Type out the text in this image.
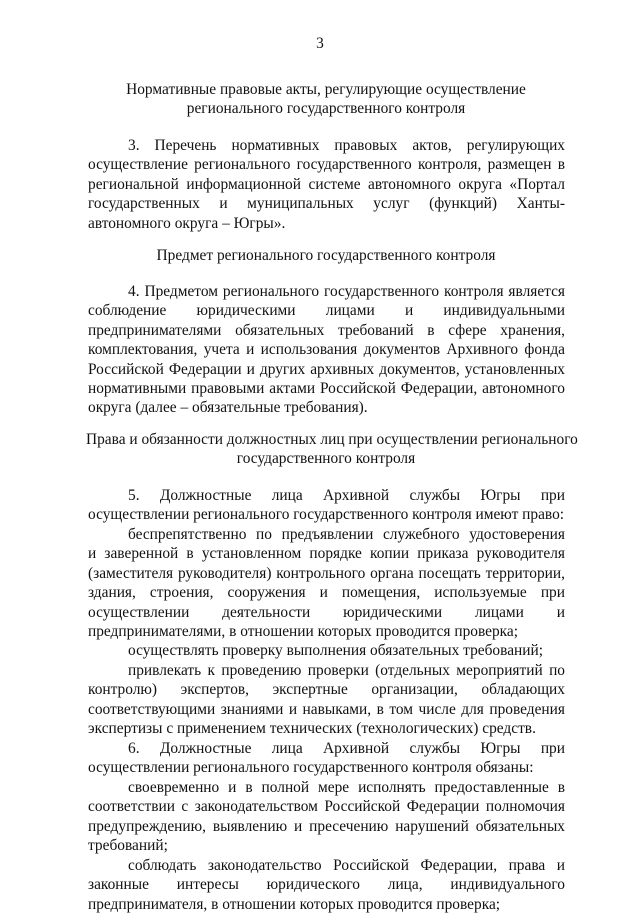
3
Нормативные правовые акты, регулирующие осуществление
регионального государственного контроля
3. Перечень нормативных правовых актов, регулирующих
осуществление регионального государственного контроля, размещен в
региональной информационной системе автономного округа «Портал
государственных и муниципальных услуг (функций) Ханты-
автономного округа – Югры».
Предмет регионального государственного контроля
4. Предметом регионального государственного контроля является
соблюдение юридическими лицами и индивидуальными
предпринимателями обязательных требований в сфере хранения,
комплектования, учета и использования документов Архивного фонда
Российской Федерации и других архивных документов, установленных
нормативными правовыми актами Российской Федерации, автономного
округа (далее – обязательные требования).
Права и обязанности должностных лиц при осуществлении регионального
государственного контроля
5. Должностные лица Архивной службы Югры при
осуществлении регионального государственного контроля имеют право:
беспрепятственно по предъявлении служебного удостоверения
и заверенной в установленном порядке копии приказа руководителя
(заместителя руководителя) контрольного органа посещать территории,
здания, строения, сооружения и помещения, используемые при
осуществлении деятельности юридическими лицами и
предпринимателями, в отношении которых проводится проверка;
осуществлять проверку выполнения обязательных требований;
привлекать к проведению проверки (отдельных мероприятий по
контролю) экспертов, экспертные организации, обладающих
соответствующими знаниями и навыками, в том числе для проведения
экспертизы с применением технических (технологических) средств.
6. Должностные лица Архивной службы Югры при
осуществлении регионального государственного контроля обязаны:
своевременно и в полной мере исполнять предоставленные в
соответствии с законодательством Российской Федерации полномочия
предупреждению, выявлению и пресечению нарушений обязательных
требований;
соблюдать законодательство Российской Федерации, права и
законные интересы юридического лица, индивидуального
предпринимателя, в отношении которых проводится проверка;
